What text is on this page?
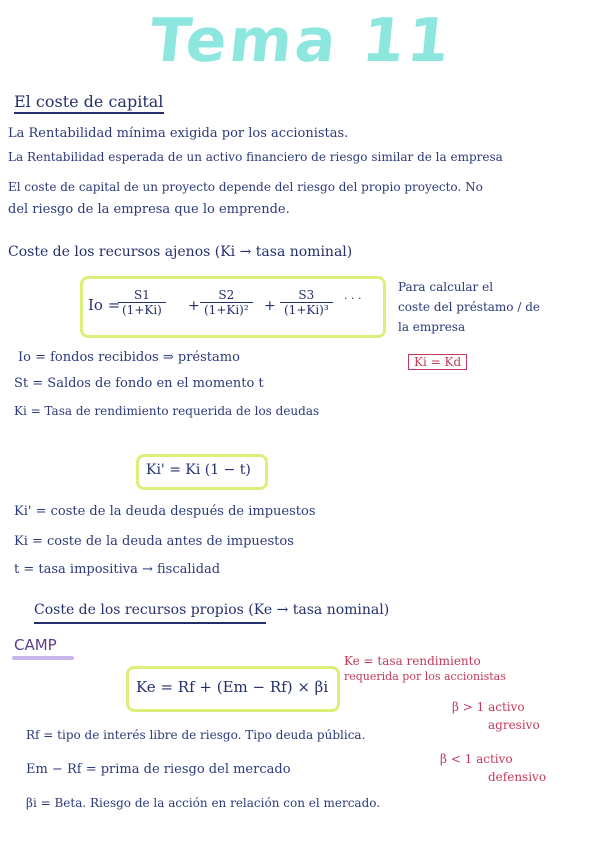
Tema 11
El coste de capital
La Rentabilidad mínima exigida por los accionistas.
La Rentabilidad esperada de un activo financiero de riesgo similar de la empresa
El coste de capital de un proyecto depende del riesgo del propio proyecto. No
del riesgo de la empresa que lo emprende.
Coste de los recursos ajenos (Ki → tasa nominal)
Io =
$\frac{S1}{(1+Ki)} + \frac{S2}{\text{(1+Ki)²}} + \frac{S3}{\text{(1+Ki)³}}$ · · ·
Para calcular el
coste del préstamo / de
la empresa
Ki = Kd
Io = fondos recibidos ⇒ préstamo
St = Saldos de fondo en el momento t
Ki = Tasa de rendimiento requerida de los deudas
Ki' = Ki (1 − t)
Ki' = coste de la deuda después de impuestos
Ki = coste de la deuda antes de impuestos
t = tasa impositiva → fiscalidad
Coste de los recursos propios (Ke → tasa nominal)
CAMP
Ke = Rf + (Em − Rf) × βi
Ke = tasa rendimiento
requerida por los accionistas
β > 1 activo
agresivo
β < 1 activo
defensivo
Rf = tipo de interés libre de riesgo. Tipo deuda pública.
Em − Rf = prima de riesgo del mercado
βi = Beta. Riesgo de la acción en relación con el mercado.
